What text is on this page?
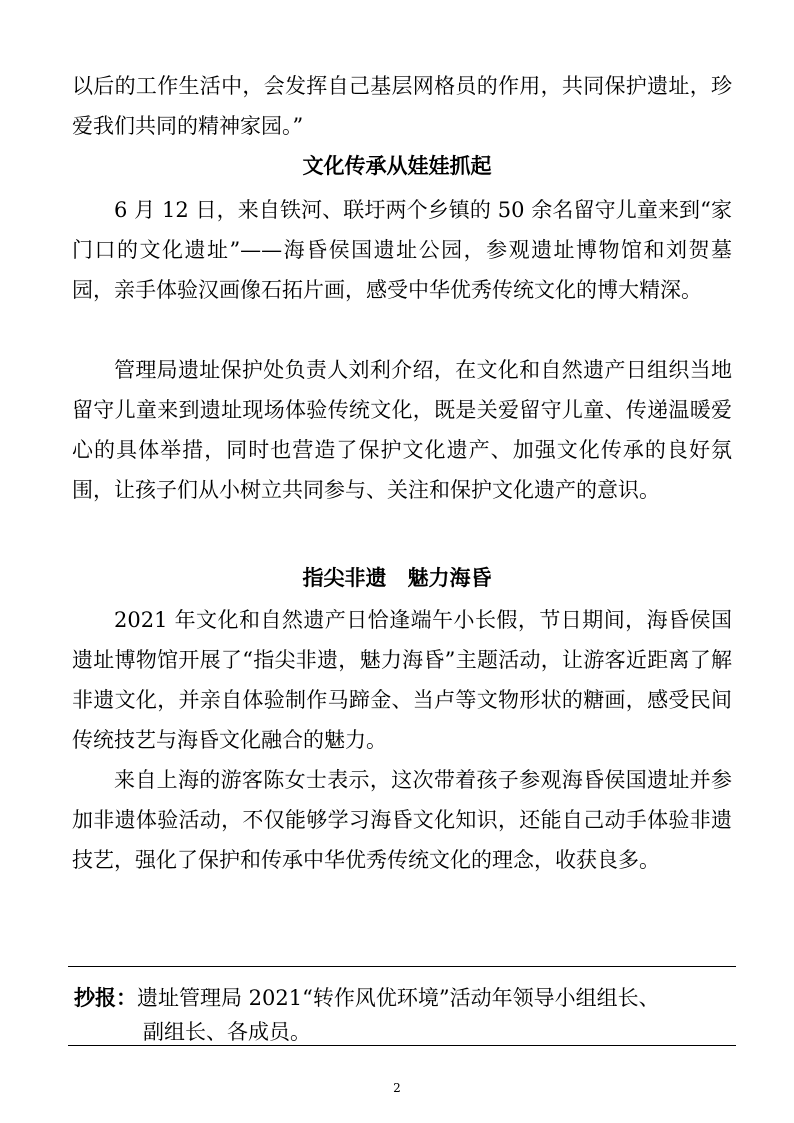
以后的工作生活中，会发挥自己基层网格员的作用，共同保护遗址，珍爱我们共同的精神家园。”

文化传承从娃娃抓起

6 月 12 日，来自铁河、联圩两个乡镇的 50 余名留守儿童来到“家门口的文化遗址”——海昏侯国遗址公园，参观遗址博物馆和刘贺墓园，亲手体验汉画像石拓片画，感受中华优秀传统文化的博大精深。

管理局遗址保护处负责人刘利介绍，在文化和自然遗产日组织当地留守儿童来到遗址现场体验传统文化，既是关爱留守儿童、传递温暖爱心的具体举措，同时也营造了保护文化遗产、加强文化传承的良好氛围，让孩子们从小树立共同参与、关注和保护文化遗产的意识。

指尖非遗　魅力海昏

2021 年文化和自然遗产日恰逢端午小长假，节日期间，海昏侯国遗址博物馆开展了“指尖非遗，魅力海昏”主题活动，让游客近距离了解非遗文化，并亲自体验制作马蹄金、当卢等文物形状的糖画，感受民间传统技艺与海昏文化融合的魅力。

来自上海的游客陈女士表示，这次带着孩子参观海昏侯国遗址并参加非遗体验活动，不仅能够学习海昏文化知识，还能自己动手体验非遗技艺，强化了保护和传承中华优秀传统文化的理念，收获良多。

抄报：遗址管理局 2021“转作风优环境”活动年领导小组组长、

副组长、各成员。

2
